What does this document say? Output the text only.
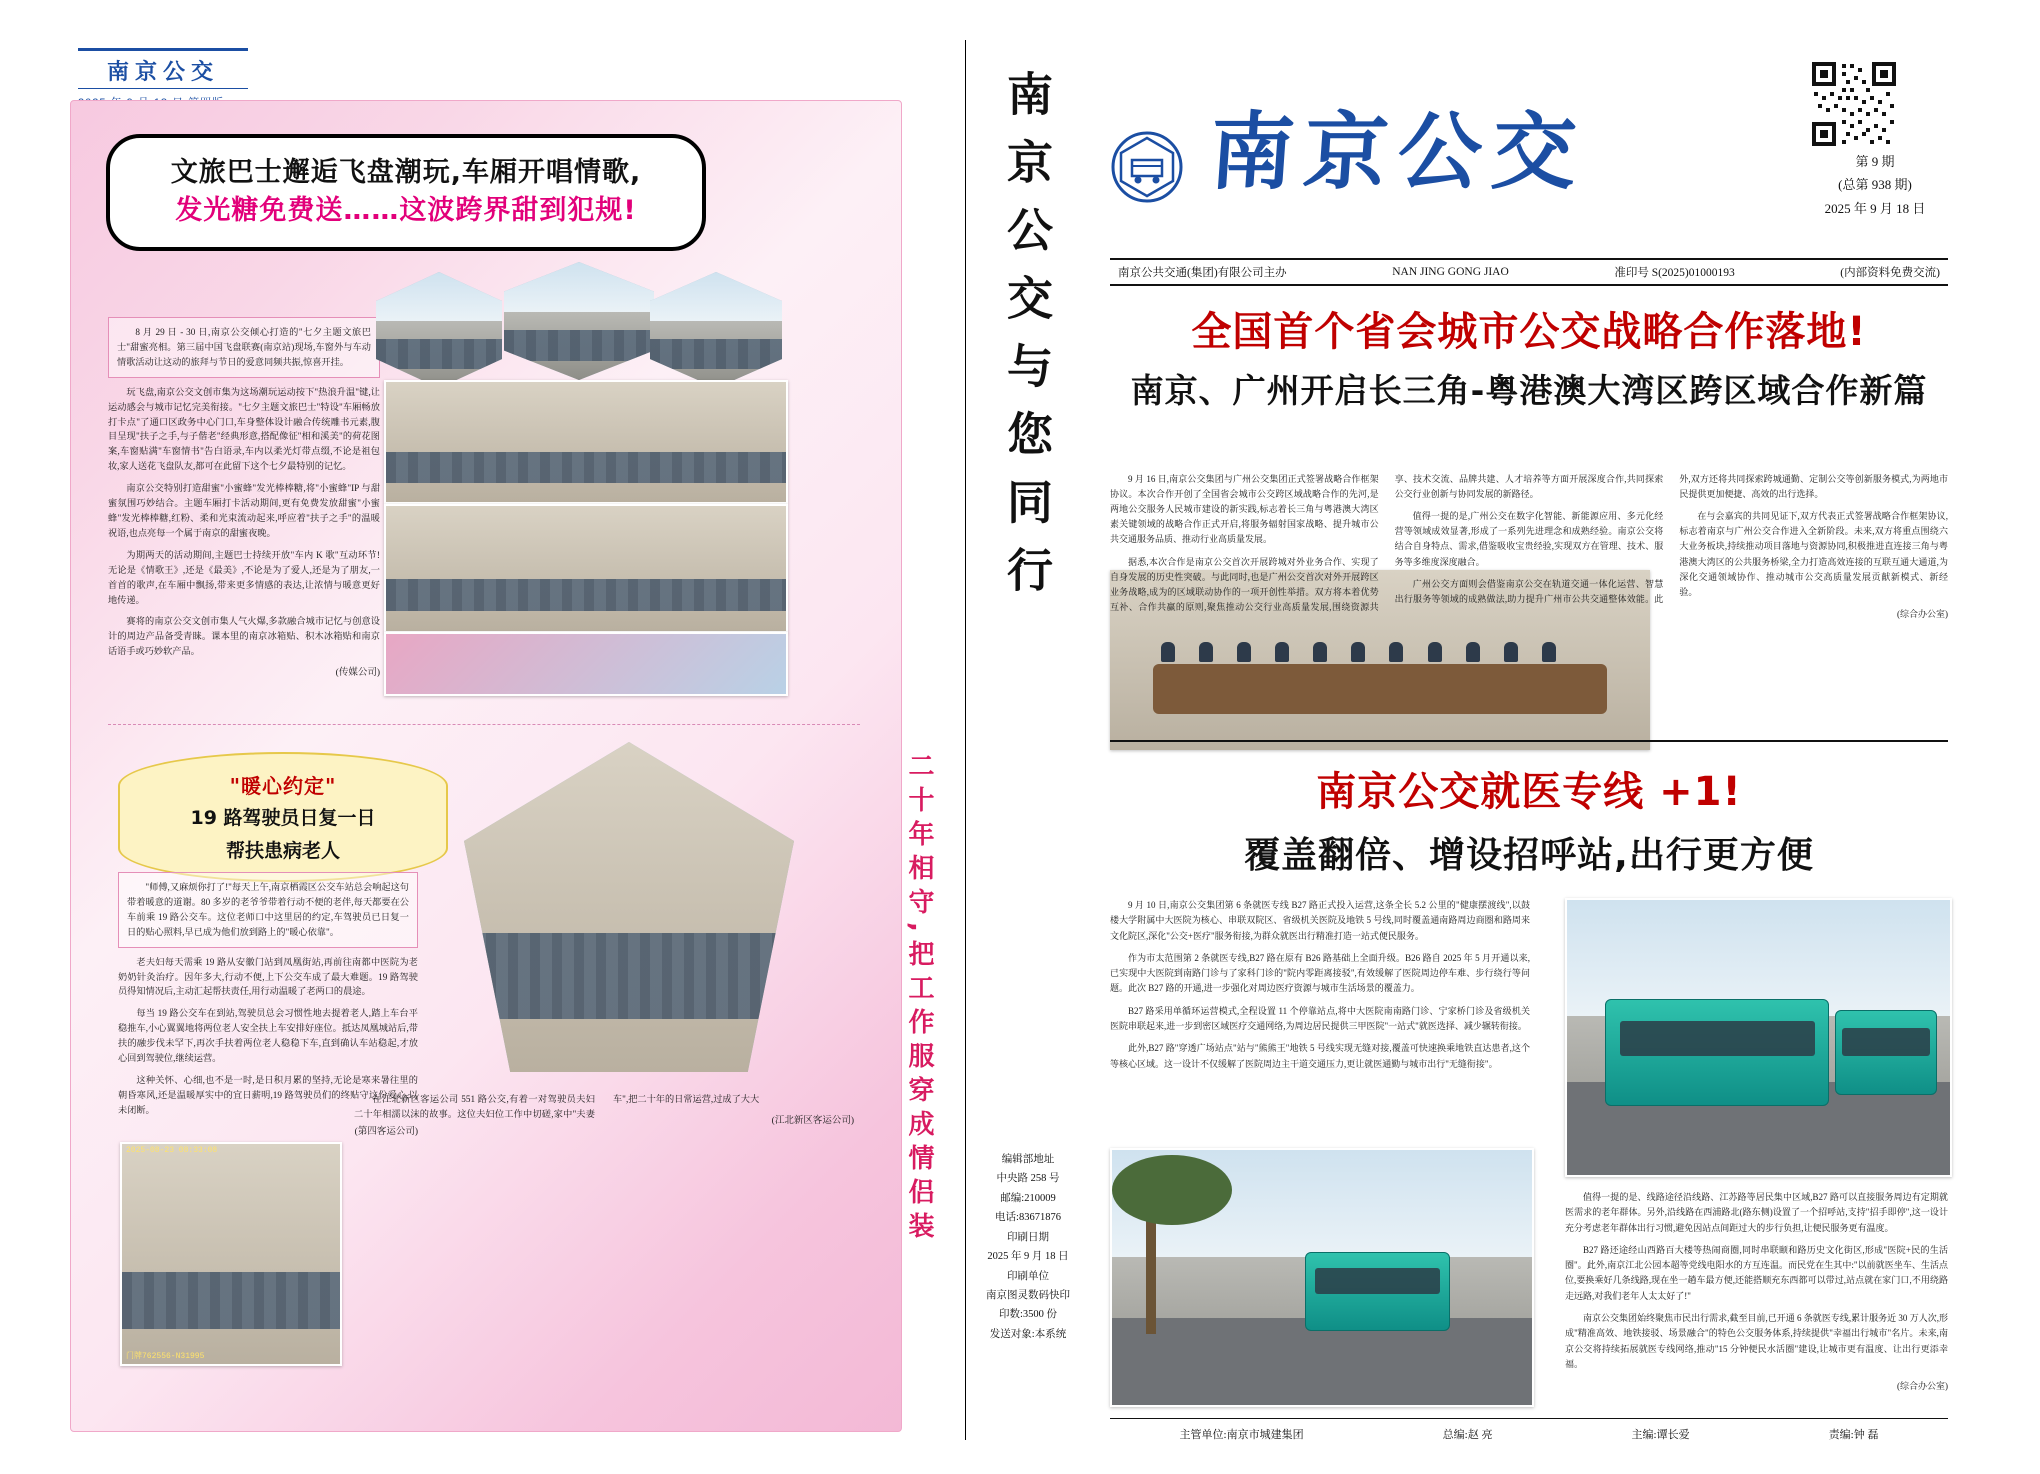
南京公交
文旅巴士邂逅飞盘潮玩,车厢开唱情歌,
发光糖免费送……这波跨界甜到犯规!

8 月 29 日 - 30 日,南京公交倾心打造的"七夕主题文旅巴士"甜蜜亮相。第三届中国飞盘联赛(南京站)现场,车窗外与车动情歌活动让这动的旅拜与节日的爱意同频共振,惊喜开挂。

玩飞盘,南京公交文创市集为这场潮玩运动按下"热浪升温"键,让运动感会与城市记忆完美衔接。"七夕主题文旅巴士"特设"车厢畅放打卡点"了通口区政务中心门口,车身整体设计融合传统雕书元素,腹目呈现"扶子之手,与子偕老"经典形意,搭配像征"相和溪美"的荷花图案,车窗贴满"车窗情书"告白语录,车内以柔光灯带点缀,不论是祖包妆,家人送花飞盘队友,都可在此留下这个七夕最特别的记忆。

南京公交特别打造甜蜜"小蜜蜂"发光棒棒糖,将"小蜜蜂"IP 与甜蜜氛围巧妙结合。主题车厢打卡活动期间,更有免费发放甜蜜"小蜜蜂"发光棒棒糖,红粉、柔和光束流动起来,呼应着"扶子之手"的温暖祝语,也点亮每一个属于南京的甜蜜夜晚。

为期两天的活动期间,主题巴士持续开放"车内 K 歌"互动环节!无论是《情歌王》,还是《最美》,不论是为了爱人,还是为了朋友,一首首的歌声,在车厢中飘扬,带来更多情感的表达,让浓情与暖意更好地传递。

赛将的南京公交文创市集人气火爆,多款融合城市记忆与创意设计的周边产品备受青睐。课本里的南京冰箱贴、积木冰箱贴和南京话语手或巧妙软产品。

(传媒公司)
"暖心约定"
19 路驾驶员日复一日
帮扶患病老人

"师傅,又麻烦你打了!"每天上午,南京栖霞区公交车站总会响起这句带着暖意的道谢。80 多岁的老爷爷带着行动不便的老伴,每天都要在公车前乘 19 路公交车。这位老师口中这里居的约定,车驾驶员已日复一日的贴心照料,早已成为他们放到路上的"暖心依靠"。

老夫妇每天需乘 19 路从安徽门站到凤凰街站,再前往南都中医院为老奶奶针灸治疗。因年多大,行动不便,上下公交车成了最大难题。19 路驾驶员得知情况后,主动汇起帮扶责任,用行动温暖了老两口的晨途。

每当 19 路公交车在到站,驾驶员总会习惯性地去提着老人,踏上车台平稳推车,小心翼翼地将两位老人安全扶上车安排好座位。抵达凤凰城站后,带扶的融步伐未罕下,再次手扶着两位老人稳稳下车,直到确认车站稳起,才放心回到驾驶位,继续运营。

这种关怀、心细,也不是一时,是日积月累的坚持,无论是寒来暑往里的朝昏寒风,还是温暖厚实中的宜日薪明,19 路驾驶员们的终贴守这份爱心,以未闭断。

(第四客运公司)
2025-08-23 08:33:08
门牌762556-N31995

在江北新区客运公司 551 路公交,有着一对驾驶员夫妇二十年相濡以沫的故事。这位夫妇位工作中切磋,家中"夫妻车",把二十年的日常运营,过成了大大

(江北新区客运公司)	二十年相守,把工作服穿成情侣装
南京公交与您同行
编辑部地址
中央路 258 号
邮编:210009
电话:83671876
印刷日期
2025 年 9 月 18 日
印刷单位
南京图灵数码快印
印数:3500 份
发送对象:本系统
南京公交	第 9 期
(总第 938 期)
2025 年 9 月 18 日
南京公共交通(集团)有限公司主办	NAN JING GONG JIAO	准印号 S(2025)01000193	(内部资料免费交流)
全国首个省会城市公交战略合作落地!
南京、广州开启长三角-粤港澳大湾区跨区域合作新篇

9 月 16 日,南京公交集团与广州公交集团正式签署战略合作框架协议。本次合作开创了全国省会城市公交跨区域战略合作的先河,是两地公交服务人民城市建设的新实践,标志着长三角与粤港澳大湾区素关键领域的战略合作正式开启,将服务辐射国家战略、提升城市公共交通服务品质、推动行业高质量发展。

据悉,本次合作是南京公交首次开展跨城对外业务合作、实现了自身发展的历史性突破。与此同时,也是广州公交首次对外开展跨区业务战略,成为的区域联动协作的一项开创性举措。双方将本着优势互补、合作共赢的原则,聚焦推动公交行业高质量发展,围绕资源共享、技术交流、品牌共建、人才培养等方面开展深度合作,共同探索公交行业创新与协同发展的新路径。

值得一提的是,广州公交在数字化智能、新能源应用、多元化经营等领域成效显著,形成了一系列先进理念和成熟经验。南京公交将结合自身特点、需求,借鉴吸收宝贵经验,实现双方在管理、技术、服务等多维度深度融合。

广州公交方面则会借鉴南京公交在轨道交通一体化运营、智慧出行服务等领域的成熟做法,助力提升广州市公共交通整体效能。此外,双方还将共同探索跨城通勤、定制公交等创新服务模式,为两地市民提供更加便捷、高效的出行选择。

在与会嘉宾的共同见证下,双方代表正式签署战略合作框架协议,标志着南京与广州公交合作进入全新阶段。未来,双方将重点围绕六大业务板块,持续推动项目落地与资源协同,积极推进直连接三角与粤港澳大湾区的公共服务桥梁,全力打造高效连接的互联互通大通道,为深化交通领域协作、推动城市公交高质量发展贡献新模式、新经验。

(综合办公室)

南京公交就医专线 +1!
覆盖翻倍、增设招呼站,出行更方便

9 月 10 日,南京公交集团第 6 条就医专线 B27 路正式投入运营,这条全长 5.2 公里的"健康摆渡线",以鼓楼大学附属中大医院为核心、串联双院区、省级机关医院及地铁 5 号线,同时覆盖通南路周边商圈和路周来文化院区,深化"公交+医疗"服务衔接,为群众就医出行精准打造一站式便民服务。

作为市太范围第 2 条就医专线,B27 路在原有 B26 路基础上全面升级。B26 路自 2025 年 5 月开通以来,已实现中大医院到南路门诊与了家科门诊的"院内零距离接驳",有效缓解了医院周边停车难、步行绕行等问题。此次 B27 路的开通,进一步强化对周边医疗资源与城市生活场景的覆盖力。

B27 路采用单循环运营模式,全程设置 11 个停靠站点,将中大医院南南路门诊、宁家桥门诊及省级机关医院串联起来,进一步到密区域医疗交通网络,为周边居民提供三甲医院"一站式"就医选择、减少辗转衔接。

此外,B27 路"穿透广场站点"站与"熊熊王"地铁 5 号线实现无缝对接,覆盖可快速换乘地铁直达患者,这个等核心区域。这一设计不仅缓解了医院周边主干道交通压力,更让就医通勤与城市出行"无缝衔接"。

值得一提的是、线路途径沿线路、江苏路等居民集中区域,B27 路可以直接服务周边有定期就医需求的老年群体。另外,沿线路在西浦路北(路东侧)设置了一个招呼站,支持"招手即停",这一设计充分考虑老年群体出行习惯,避免因站点间距过大的步行负担,让便民服务更有温度。

B27 路还途经山西路百大楼等热闹商圈,同时串联颐和路历史文化街区,形成"医院+民的生活圈"。此外,南京江北公园本超等党线电阳水的方互连温。而民党在生其中:"以前就医坐车、生活点位,要换乘好几条线路,现在坐一趟车最方便,还能搭顺充东西都可以带过,站点就在家门口,不用绕路走远路,对我们老年人太太好了!"

南京公交集团始终聚焦市民出行需求,截至目前,已开通 6 条就医专线,累计服务近 30 万人次,形成"精准高效、地铁接驳、场景融合"的特色公交服务体系,持续提供"幸福出行城市"名片。未来,南京公交将持续拓展就医专线网络,推动"15 分钟便民水活圈"建设,让城市更有温度、让出行更添幸福。

(综合办公室)

主管单位:南京市城建集团	总编:赵 亮	主编:谭长爱	责编:钟 磊
